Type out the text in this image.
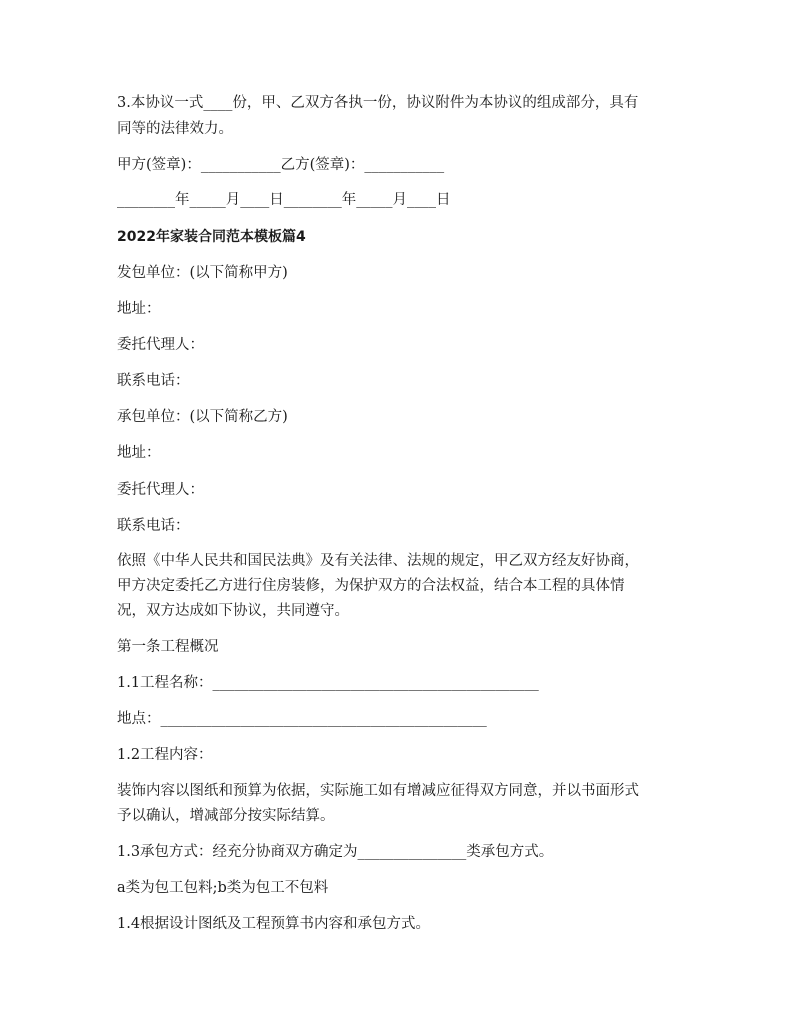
3.本协议一式____份，甲、乙双方各执一份，协议附件为本协议的组成部分，具有
同等的法律效力。
甲方(签章)：___________乙方(签章)：___________
________年_____月____日________年_____月____日
2022年家装合同范本模板篇4
发包单位：(以下简称甲方)
地址：
委托代理人：
联系电话：
承包单位：(以下简称乙方)
地址：
委托代理人：
联系电话：
依照《中华人民共和国民法典》及有关法律、法规的规定，甲乙双方经友好协商，
甲方决定委托乙方进行住房装修，为保护双方的合法权益，结合本工程的具体情
况，双方达成如下协议，共同遵守。
第一条工程概况
1.1工程名称：_____________________________________________
地点：_____________________________________________
1.2工程内容：
装饰内容以图纸和预算为依据，实际施工如有增减应征得双方同意，并以书面形式
予以确认，增减部分按实际结算。
1.3承包方式：经充分协商双方确定为_______________类承包方式。
a类为包工包料;b类为包工不包料
1.4根据设计图纸及工程预算书内容和承包方式。
